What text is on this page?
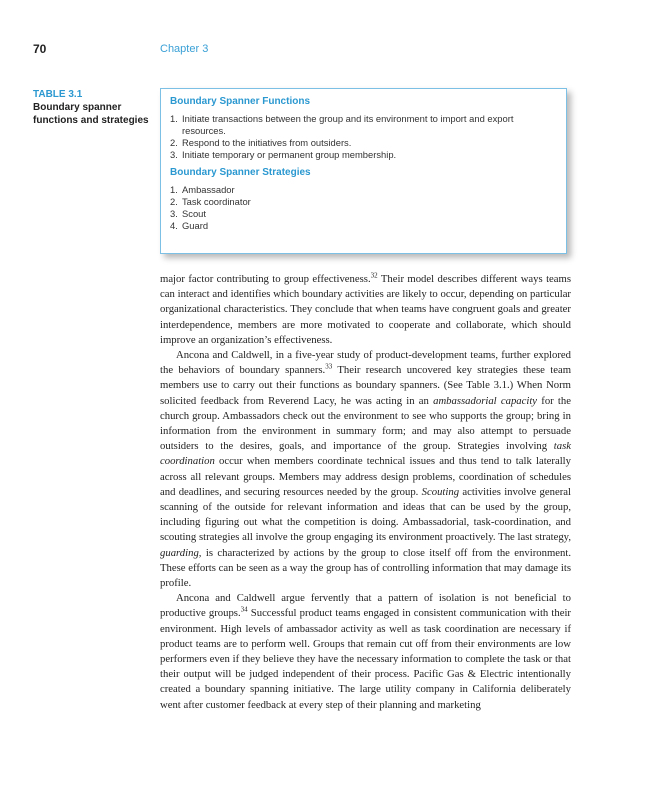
70	Chapter 3
TABLE 3.1
Boundary spanner functions and strategies
Boundary Spanner Functions
1. Initiate transactions between the group and its environment to import and export resources.
2. Respond to the initiatives from outsiders.
3. Initiate temporary or permanent group membership.
Boundary Spanner Strategies
1. Ambassador
2. Task coordinator
3. Scout
4. Guard

major factor contributing to group effectiveness.$^{32}$ Their model describes different ways teams can interact and identifies which boundary activities are likely to occur, depending on particular organizational characteristics. They conclude that when teams have congruent goals and greater interdependence, members are more motivated to cooperate and collaborate, which should improve an organization’s effectiveness.

Ancona and Caldwell, in a five-year study of product-development teams, further explored the behaviors of boundary spanners.$^{33}$ Their research uncovered key strategies these team members use to carry out their functions as boundary spanners. (See Table 3.1.) When Norm solicited feedback from Reverend Lacy, he was acting in an ambassadorial capacity for the church group. Ambassadors check out the environment to see who supports the group; bring in information from the environment in summary form; and may also attempt to persuade outsiders to the desires, goals, and importance of the group. Strategies involving task coordination occur when members coordinate technical issues and thus tend to talk laterally across all relevant groups. Members may address design problems, coordination of schedules and deadlines, and securing resources needed by the group. Scouting activities involve general scanning of the outside for relevant information and ideas that can be used by the group, including figuring out what the competition is doing. Ambassadorial, task-coordination, and scouting strategies all involve the group engaging its environment proactively. The last strategy, guarding, is characterized by actions by the group to close itself off from the environment. These efforts can be seen as a way the group has of controlling information that may damage its profile.

Ancona and Caldwell argue fervently that a pattern of isolation is not beneficial to productive groups.$^{34}$ Successful product teams engaged in consistent communication with their environment. High levels of ambassador activity as well as task coordination are necessary if product teams are to perform well. Groups that remain cut off from their environments are low performers even if they believe they have the necessary information to complete the task or that their output will be judged independent of their process. Pacific Gas & Electric intentionally created a boundary spanning initiative. The large utility company in California deliberately went after customer feedback at every step of their planning and marketing
